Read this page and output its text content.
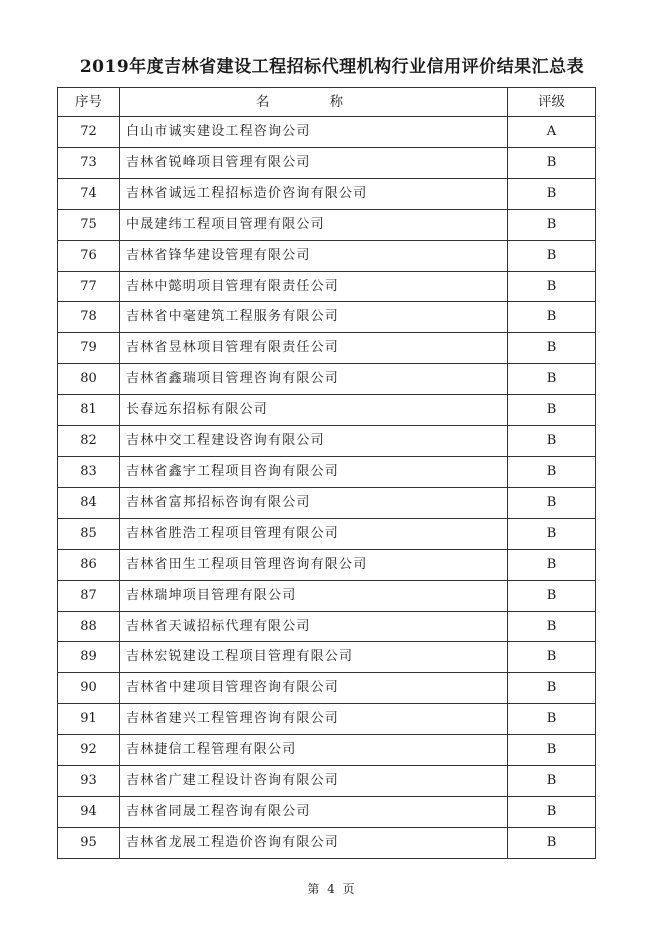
2019年度吉林省建设工程招标代理机构行业信用评价结果汇总表
序号	名 称	评级
72	白山市诚实建设工程咨询公司	A
73	吉林省锐峰项目管理有限公司	B
74	吉林省诚远工程招标造价咨询有限公司	B
75	中晟建纬工程项目管理有限公司	B
76	吉林省锋华建设管理有限公司	B
77	吉林中懿明项目管理有限责任公司	B
78	吉林省中毫建筑工程服务有限公司	B
79	吉林省昱林项目管理有限责任公司	B
80	吉林省鑫瑞项目管理咨询有限公司	B
81	长春远东招标有限公司	B
82	吉林中交工程建设咨询有限公司	B
83	吉林省鑫宇工程项目咨询有限公司	B
84	吉林省富邦招标咨询有限公司	B
85	吉林省胜浩工程项目管理有限公司	B
86	吉林省田生工程项目管理咨询有限公司	B
87	吉林瑞坤项目管理有限公司	B
88	吉林省天诚招标代理有限公司	B
89	吉林宏锐建设工程项目管理有限公司	B
90	吉林省中建项目管理咨询有限公司	B
91	吉林省建兴工程管理咨询有限公司	B
92	吉林捷信工程管理有限公司	B
93	吉林省广建工程设计咨询有限公司	B
94	吉林省同晟工程咨询有限公司	B
95	吉林省龙展工程造价咨询有限公司	B
第 4 页
